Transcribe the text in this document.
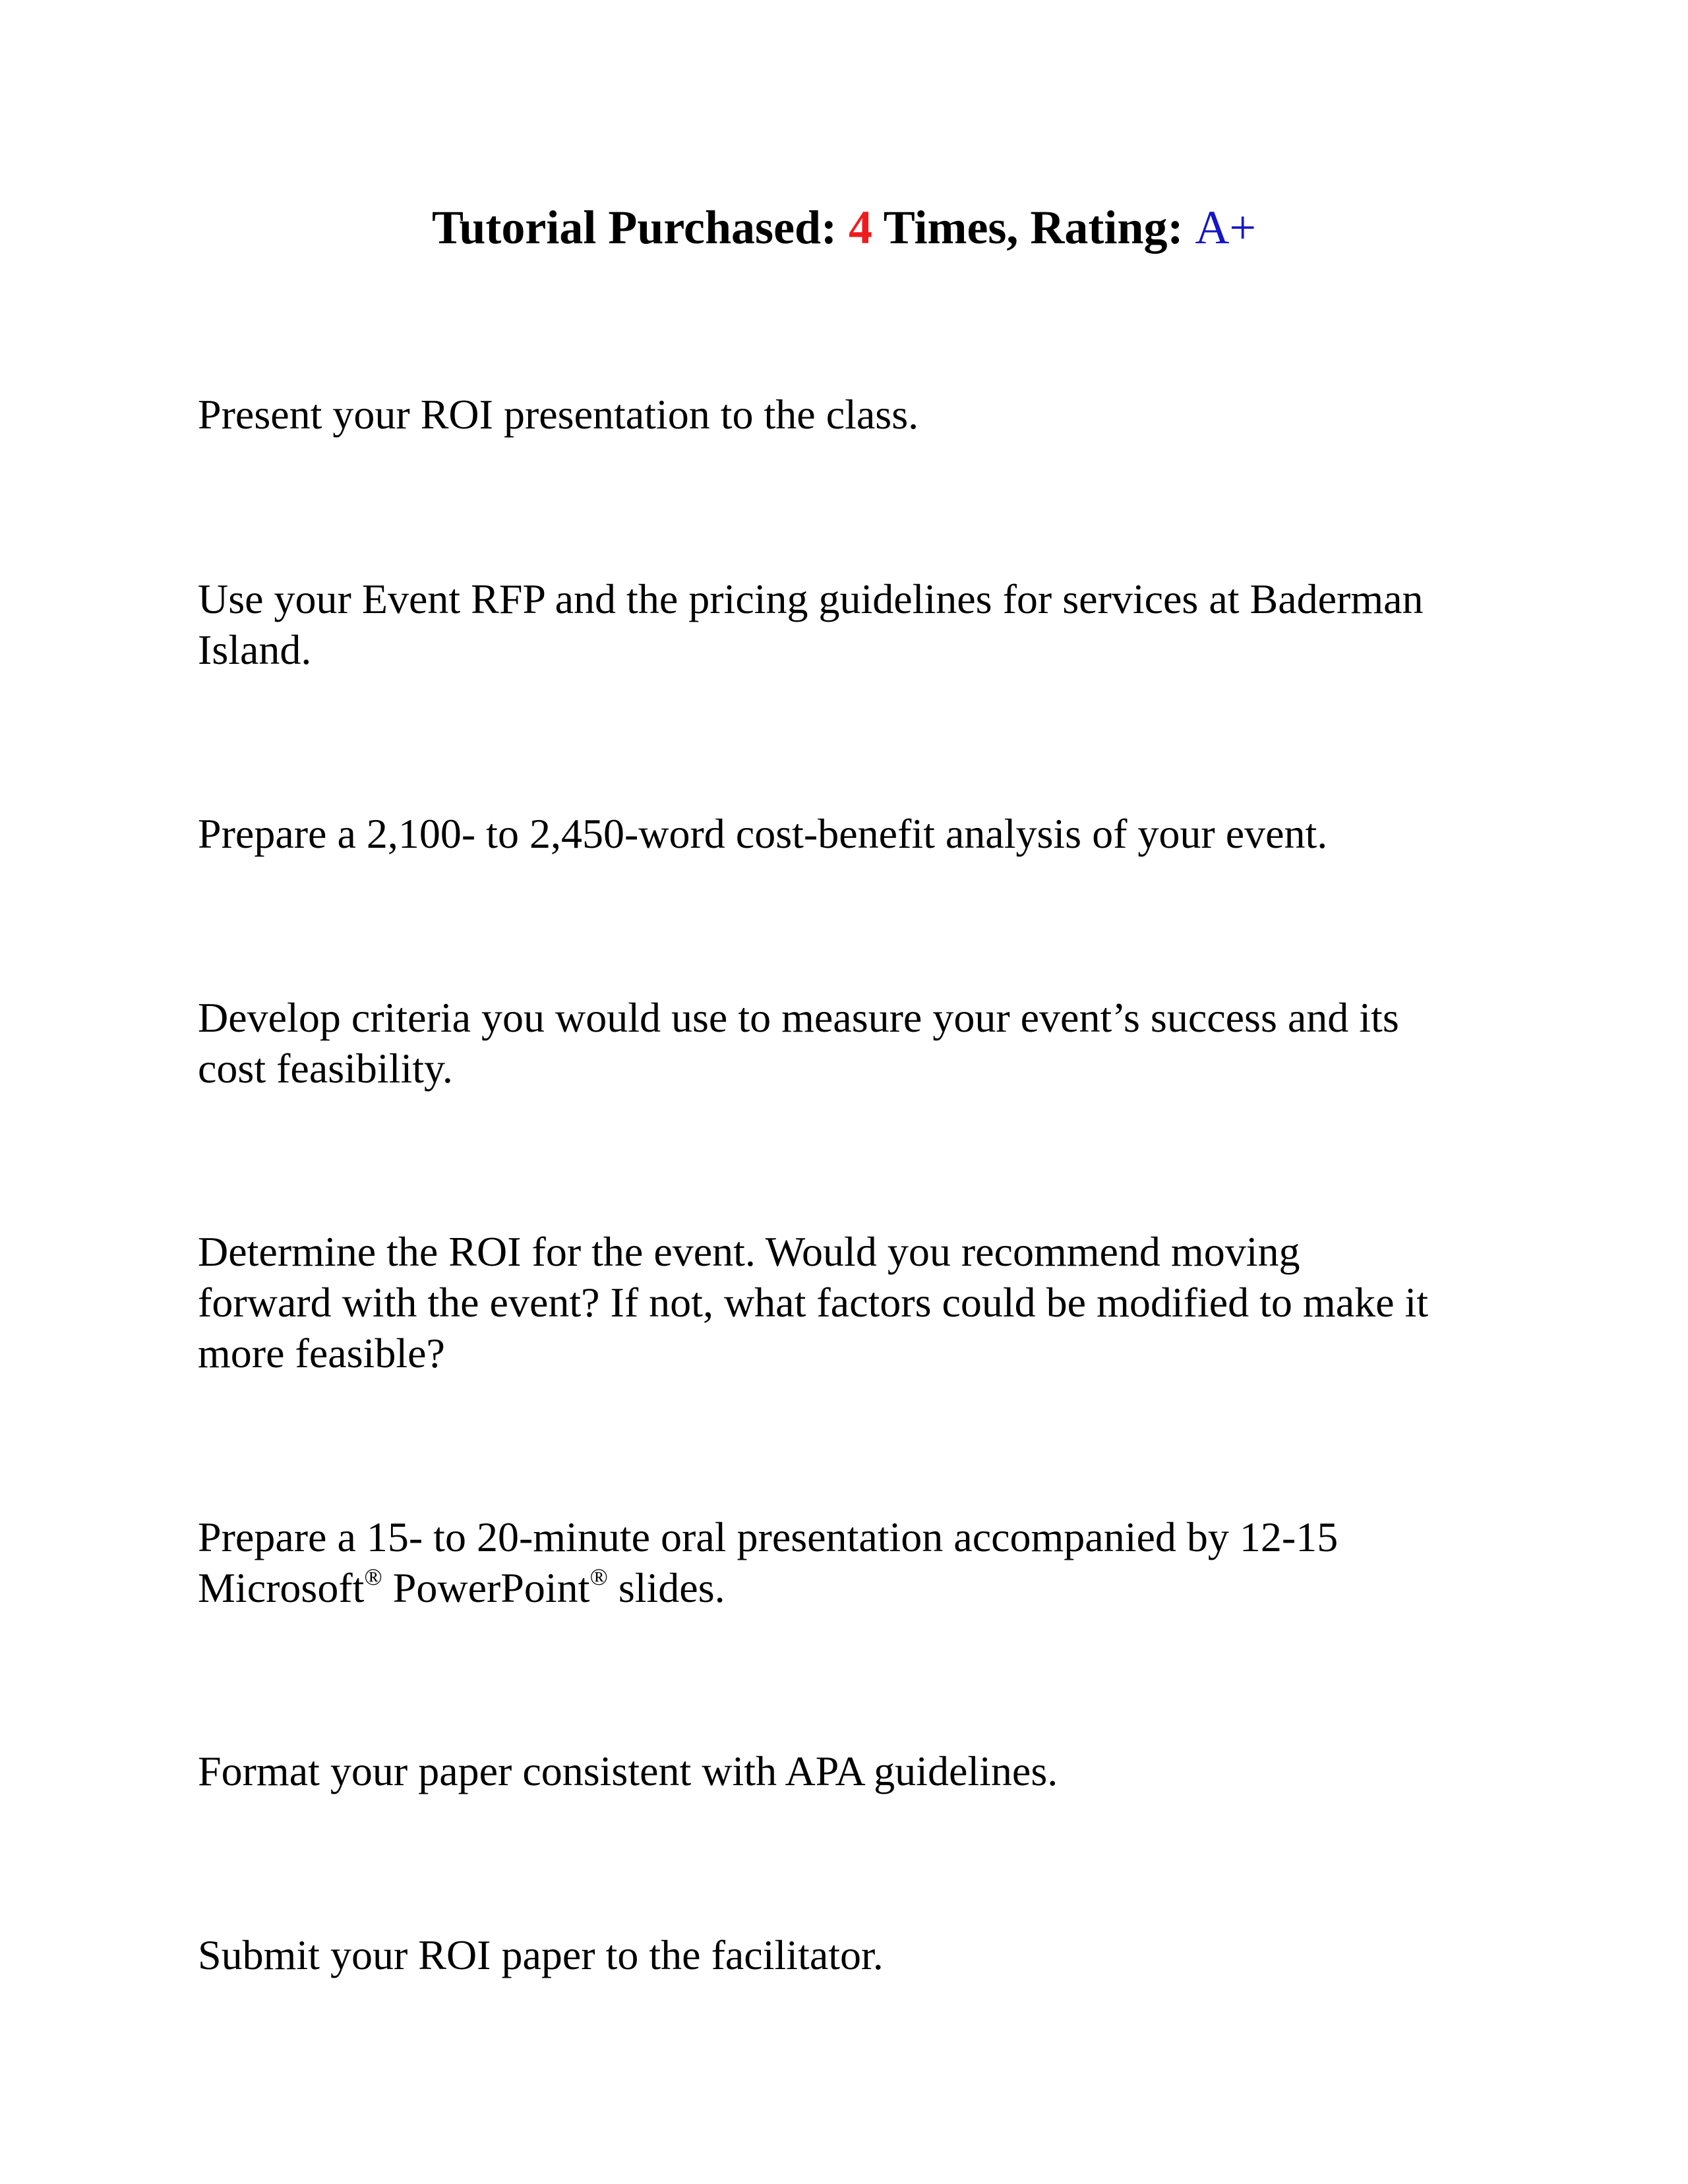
Tutorial Purchased: 4 Times, Rating: A+

Present your ROI presentation to the class.

Use your Event RFP and the pricing guidelines for services at Baderman
Island.

Prepare a 2,100- to 2,450-word cost-benefit analysis of your event.

Develop criteria you would use to measure your event’s success and its
cost feasibility.

Determine the ROI for the event. Would you recommend moving
forward with the event? If not, what factors could be modified to make it
more feasible?

Prepare a 15- to 20-minute oral presentation accompanied by 12-15
Microsoft® PowerPoint® slides.

Format your paper consistent with APA guidelines.

Submit your ROI paper to the facilitator.
